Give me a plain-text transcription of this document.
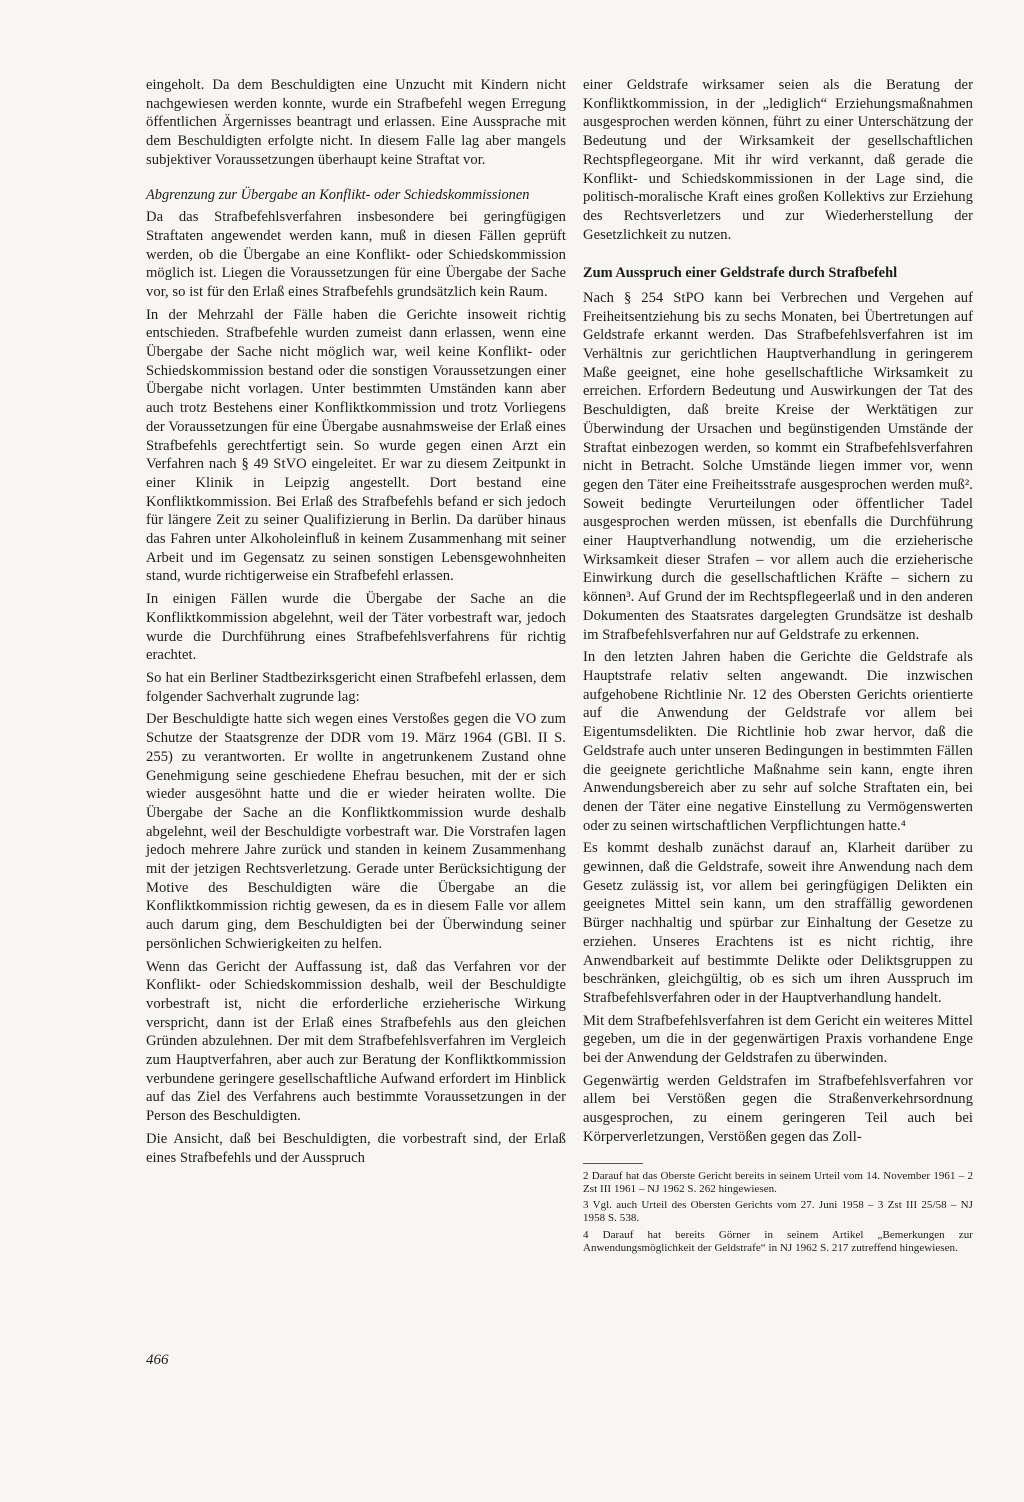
eingeholt. Da dem Beschuldigten eine Unzucht mit Kindern nicht nachgewiesen werden konnte, wurde ein Strafbefehl wegen Erregung öffentlichen Ärgernisses beantragt und erlassen. Eine Aussprache mit dem Beschuldigten erfolgte nicht. In diesem Falle lag aber mangels subjektiver Voraussetzungen überhaupt keine Straftat vor.

Abgrenzung zur Übergabe an Konflikt- oder Schiedskommissionen

Da das Strafbefehlsverfahren insbesondere bei geringfügigen Straftaten angewendet werden kann, muß in diesen Fällen geprüft werden, ob die Übergabe an eine Konflikt- oder Schiedskommission möglich ist. Liegen die Voraussetzungen für eine Übergabe der Sache vor, so ist für den Erlaß eines Strafbefehls grundsätzlich kein Raum.

In der Mehrzahl der Fälle haben die Gerichte insoweit richtig entschieden. Strafbefehle wurden zumeist dann erlassen, wenn eine Übergabe der Sache nicht möglich war, weil keine Konflikt- oder Schiedskommission bestand oder die sonstigen Voraussetzungen einer Übergabe nicht vorlagen. Unter bestimmten Umständen kann aber auch trotz Bestehens einer Konfliktkommission und trotz Vorliegens der Voraussetzungen für eine Übergabe ausnahmsweise der Erlaß eines Strafbefehls gerechtfertigt sein. So wurde gegen einen Arzt ein Verfahren nach § 49 StVO eingeleitet. Er war zu diesem Zeitpunkt in einer Klinik in Leipzig angestellt. Dort bestand eine Konfliktkommission. Bei Erlaß des Strafbefehls befand er sich jedoch für längere Zeit zu seiner Qualifizierung in Berlin. Da darüber hinaus das Fahren unter Alkoholeinfluß in keinem Zusammenhang mit seiner Arbeit und im Gegensatz zu seinen sonstigen Lebensgewohnheiten stand, wurde richtigerweise ein Strafbefehl erlassen.

In einigen Fällen wurde die Übergabe der Sache an die Konfliktkommission abgelehnt, weil der Täter vorbestraft war, jedoch wurde die Durchführung eines Strafbefehlsverfahrens für richtig erachtet.

So hat ein Berliner Stadtbezirksgericht einen Strafbefehl erlassen, dem folgender Sachverhalt zugrunde lag:

Der Beschuldigte hatte sich wegen eines Verstoßes gegen die VO zum Schutze der Staatsgrenze der DDR vom 19. März 1964 (GBl. II S. 255) zu verantworten. Er wollte in angetrunkenem Zustand ohne Genehmigung seine geschiedene Ehefrau besuchen, mit der er sich wieder ausgesöhnt hatte und die er wieder heiraten wollte. Die Übergabe der Sache an die Konfliktkommission wurde deshalb abgelehnt, weil der Beschuldigte vorbestraft war. Die Vorstrafen lagen jedoch mehrere Jahre zurück und standen in keinem Zusammenhang mit der jetzigen Rechtsverletzung. Gerade unter Berücksichtigung der Motive des Beschuldigten wäre die Übergabe an die Konfliktkommission richtig gewesen, da es in diesem Falle vor allem auch darum ging, dem Beschuldigten bei der Überwindung seiner persönlichen Schwierigkeiten zu helfen.

Wenn das Gericht der Auffassung ist, daß das Verfahren vor der Konflikt- oder Schiedskommission deshalb, weil der Beschuldigte vorbestraft ist, nicht die erforderliche erzieherische Wirkung verspricht, dann ist der Erlaß eines Strafbefehls aus den gleichen Gründen abzulehnen. Der mit dem Strafbefehlsverfahren im Vergleich zum Hauptverfahren, aber auch zur Beratung der Konfliktkommission verbundene geringere gesellschaftliche Aufwand erfordert im Hinblick auf das Ziel des Verfahrens auch bestimmte Voraussetzungen in der Person des Beschuldigten.

Die Ansicht, daß bei Beschuldigten, die vorbestraft sind, der Erlaß eines Strafbefehls und der Ausspruch

einer Geldstrafe wirksamer seien als die Beratung der Konfliktkommission, in der „lediglich“ Erziehungsmaßnahmen ausgesprochen werden können, führt zu einer Unterschätzung der Bedeutung und der Wirksamkeit der gesellschaftlichen Rechtspflegeorgane. Mit ihr wird verkannt, daß gerade die Konflikt- und Schiedskommissionen in der Lage sind, die politisch-moralische Kraft eines großen Kollektivs zur Erziehung des Rechtsverletzers und zur Wiederherstellung der Gesetzlichkeit zu nutzen.

Zum Ausspruch einer Geldstrafe durch Strafbefehl

Nach § 254 StPO kann bei Verbrechen und Vergehen auf Freiheitsentziehung bis zu sechs Monaten, bei Übertretungen auf Geldstrafe erkannt werden. Das Strafbefehlsverfahren ist im Verhältnis zur gerichtlichen Hauptverhandlung in geringerem Maße geeignet, eine hohe gesellschaftliche Wirksamkeit zu erreichen. Erfordern Bedeutung und Auswirkungen der Tat des Beschuldigten, daß breite Kreise der Werktätigen zur Überwindung der Ursachen und begünstigenden Umstände der Straftat einbezogen werden, so kommt ein Strafbefehlsverfahren nicht in Betracht. Solche Umstände liegen immer vor, wenn gegen den Täter eine Freiheitsstrafe ausgesprochen werden muß². Soweit bedingte Verurteilungen oder öffentlicher Tadel ausgesprochen werden müssen, ist ebenfalls die Durchführung einer Hauptverhandlung notwendig, um die erzieherische Wirksamkeit dieser Strafen – vor allem auch die erzieherische Einwirkung durch die gesellschaftlichen Kräfte – sichern zu können³. Auf Grund der im Rechtspflegeerlaß und in den anderen Dokumenten des Staatsrates dargelegten Grundsätze ist deshalb im Strafbefehlsverfahren nur auf Geldstrafe zu erkennen.

In den letzten Jahren haben die Gerichte die Geldstrafe als Hauptstrafe relativ selten angewandt. Die inzwischen aufgehobene Richtlinie Nr. 12 des Obersten Gerichts orientierte auf die Anwendung der Geldstrafe vor allem bei Eigentumsdelikten. Die Richtlinie hob zwar hervor, daß die Geldstrafe auch unter unseren Bedingungen in bestimmten Fällen die geeignete gerichtliche Maßnahme sein kann, engte ihren Anwendungsbereich aber zu sehr auf solche Straftaten ein, bei denen der Täter eine negative Einstellung zu Vermögenswerten oder zu seinen wirtschaftlichen Verpflichtungen hatte.⁴

Es kommt deshalb zunächst darauf an, Klarheit darüber zu gewinnen, daß die Geldstrafe, soweit ihre Anwendung nach dem Gesetz zulässig ist, vor allem bei geringfügigen Delikten ein geeignetes Mittel sein kann, um den straffällig gewordenen Bürger nachhaltig und spürbar zur Einhaltung der Gesetze zu erziehen. Unseres Erachtens ist es nicht richtig, ihre Anwendbarkeit auf bestimmte Delikte oder Deliktsgruppen zu beschränken, gleichgültig, ob es sich um ihren Ausspruch im Strafbefehlsverfahren oder in der Hauptverhandlung handelt.

Mit dem Strafbefehlsverfahren ist dem Gericht ein weiteres Mittel gegeben, um die in der gegenwärtigen Praxis vorhandene Enge bei der Anwendung der Geldstrafen zu überwinden.

Gegenwärtig werden Geldstrafen im Strafbefehlsverfahren vor allem bei Verstößen gegen die Straßenverkehrsordnung ausgesprochen, zu einem geringeren Teil auch bei Körperverletzungen, Verstößen gegen das Zoll-

2 Darauf hat das Oberste Gericht bereits in seinem Urteil vom 14. November 1961 – 2 Zst III 1961 – NJ 1962 S. 262 hingewiesen.

3 Vgl. auch Urteil des Obersten Gerichts vom 27. Juni 1958 – 3 Zst III 25/58 – NJ 1958 S. 538.

4 Darauf hat bereits Görner in seinem Artikel „Bemerkungen zur Anwendungsmöglichkeit der Geldstrafe“ in NJ 1962 S. 217 zutreffend hingewiesen.

466
